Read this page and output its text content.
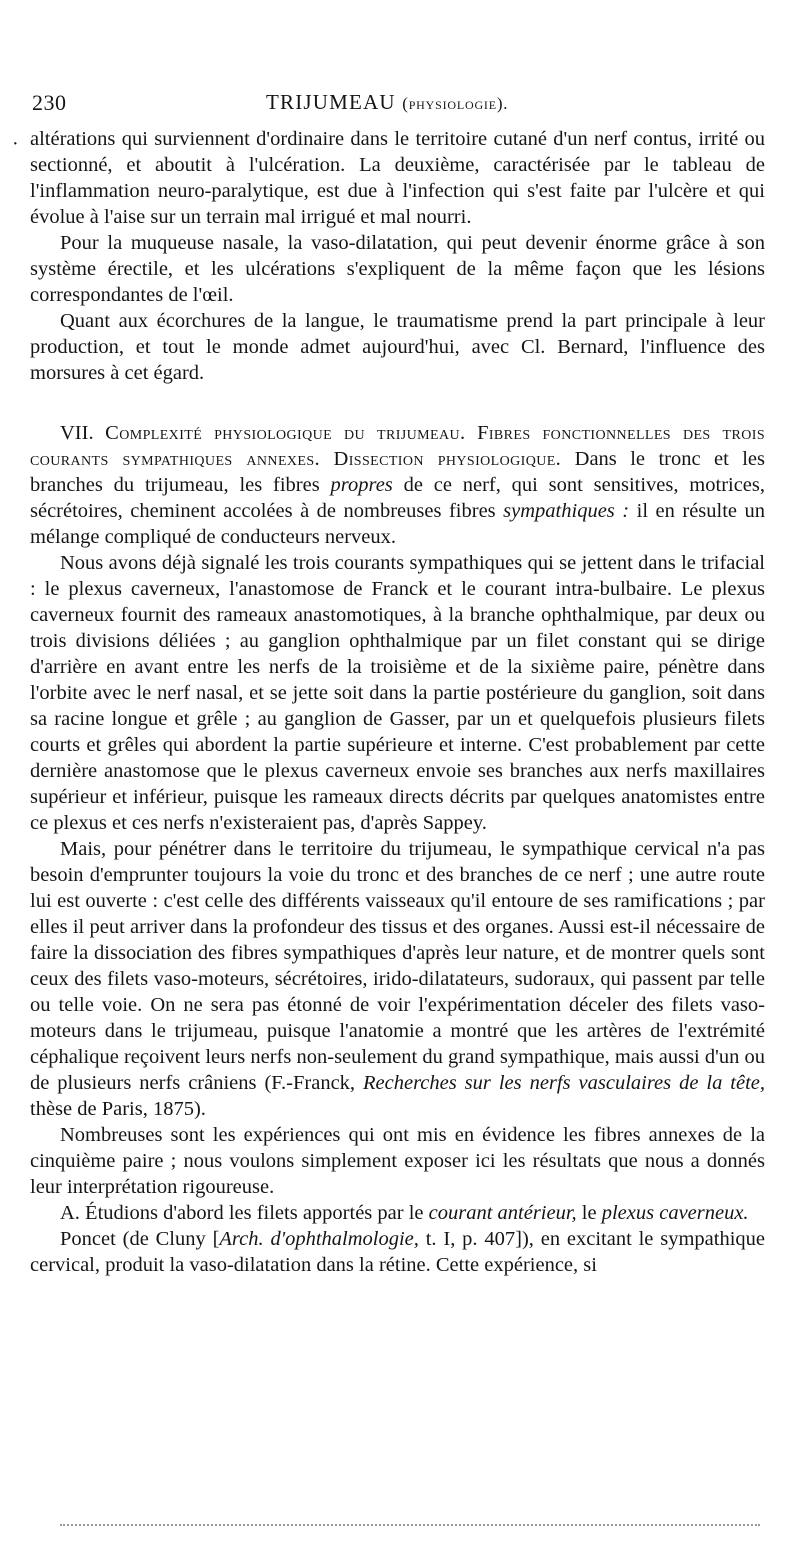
·
230	TRIJUMEAU (physiologie).

altérations qui surviennent d'ordinaire dans le territoire cutané d'un nerf contus, irrité ou sectionné, et aboutit à l'ulcération. La deuxième, caractérisée par le tableau de l'inflammation neuro-paralytique, est due à l'infection qui s'est faite par l'ulcère et qui évolue à l'aise sur un terrain mal irrigué et mal nourri.

Pour la muqueuse nasale, la vaso-dilatation, qui peut devenir énorme grâce à son système érectile, et les ulcérations s'expliquent de la même façon que les lésions correspondantes de l'œil.

Quant aux écorchures de la langue, le traumatisme prend la part principale à leur production, et tout le monde admet aujourd'hui, avec Cl. Bernard, l'influence des morsures à cet égard.

VII. Complexité physiologique du trijumeau. Fibres fonctionnelles des trois courants sympathiques annexes. Dissection physiologique. Dans le tronc et les branches du trijumeau, les fibres propres de ce nerf, qui sont sensitives, motrices, sécrétoires, cheminent accolées à de nombreuses fibres sympathiques : il en résulte un mélange compliqué de conducteurs nerveux.

Nous avons déjà signalé les trois courants sympathiques qui se jettent dans le trifacial : le plexus caverneux, l'anastomose de Franck et le courant intra-bulbaire. Le plexus caverneux fournit des rameaux anastomotiques, à la branche ophthalmique, par deux ou trois divisions déliées ; au ganglion ophthalmique par un filet constant qui se dirige d'arrière en avant entre les nerfs de la troisième et de la sixième paire, pénètre dans l'orbite avec le nerf nasal, et se jette soit dans la partie postérieure du ganglion, soit dans sa racine longue et grêle ; au ganglion de Gasser, par un et quelquefois plusieurs filets courts et grêles qui abordent la partie supérieure et interne. C'est probablement par cette dernière anastomose que le plexus caverneux envoie ses branches aux nerfs maxillaires supérieur et inférieur, puisque les rameaux directs décrits par quelques anatomistes entre ce plexus et ces nerfs n'existeraient pas, d'après Sappey.

Mais, pour pénétrer dans le territoire du trijumeau, le sympathique cervical n'a pas besoin d'emprunter toujours la voie du tronc et des branches de ce nerf ; une autre route lui est ouverte : c'est celle des différents vaisseaux qu'il entoure de ses ramifications ; par elles il peut arriver dans la profondeur des tissus et des organes. Aussi est-il nécessaire de faire la dissociation des fibres sympathiques d'après leur nature, et de montrer quels sont ceux des filets vaso-moteurs, sécrétoires, irido-dilatateurs, sudoraux, qui passent par telle ou telle voie. On ne sera pas étonné de voir l'expérimentation déceler des filets vaso-moteurs dans le trijumeau, puisque l'anatomie a montré que les artères de l'extrémité céphalique reçoivent leurs nerfs non-seulement du grand sympathique, mais aussi d'un ou de plusieurs nerfs crâniens (F.-Franck, Recherches sur les nerfs vasculaires de la tête, thèse de Paris, 1875).

Nombreuses sont les expériences qui ont mis en évidence les fibres annexes de la cinquième paire ; nous voulons simplement exposer ici les résultats que nous a donnés leur interprétation rigoureuse.

A. Étudions d'abord les filets apportés par le courant antérieur, le plexus caverneux.

Poncet (de Cluny [Arch. d'ophthalmologie, t. I, p. 407]), en excitant le sympathique cervical, produit la vaso-dilatation dans la rétine. Cette expérience, si
